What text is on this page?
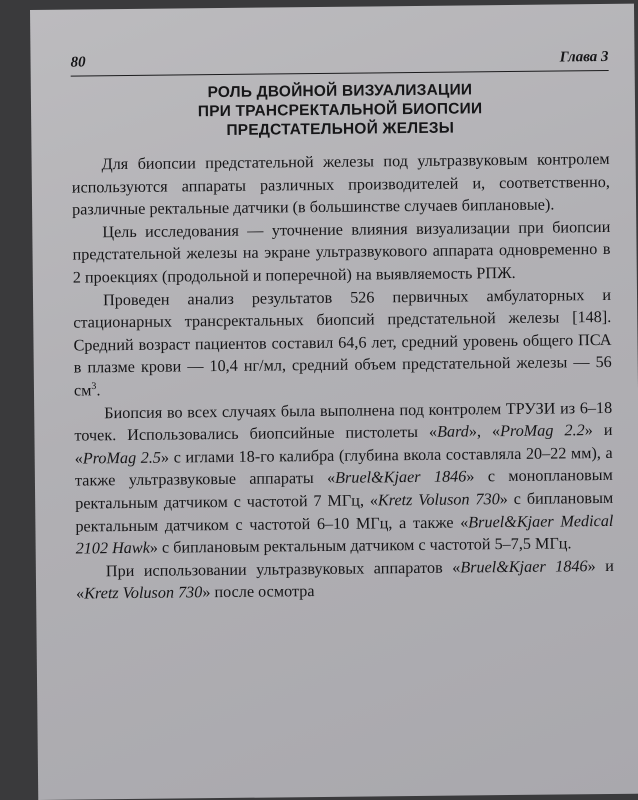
80	Глава 3
РОЛЬ ДВОЙНОЙ ВИЗУАЛИЗАЦИИ
ПРИ ТРАНСРЕКТАЛЬНОЙ БИОПСИИ
ПРЕДСТАТЕЛЬНОЙ ЖЕЛЕЗЫ

Для биопсии предстательной железы под ультразвуковым контролем используются аппараты различных производителей и, соответственно, различные ректальные датчики (в большинстве случаев бипланoвые).

Цель исследования — уточнение влияния визуализации при биопсии предстательной железы на экране ультразвукового аппарата одновременно в 2 проекциях (продольной и поперечной) на выявляемость РПЖ.

Проведен анализ результатов 526 первичных амбулаторных и стационарных трансректальных биопсий предстательной железы [148]. Средний возраст пациентов составил 64,6 лет, средний уровень общего ПСА в плазме крови — 10,4 нг/мл, средний объем предстательной железы — 56 $см^3$.

Биопсия во всех случаях была выполнена под контролем ТРУЗИ из 6–18 точек. Использовались биопсийные пистолеты «Bard», «ProMag 2.2» и «ProMag 2.5» с иглами 18-го калибра (глубина вкола составляла 20–22 мм), а также ультразвуковые аппараты «Bruel&Kjaer 1846» с монoплановым ректальным датчиком с частотой 7 МГц, «Kretz Voluson 730» с бипланoвым ректальным датчиком с частотой 6–10 МГц, а также «Bruel&Kjaer Medical 2102 Hawk» с бипланoвым ректальным датчиком с частотой 5–7,5 МГц.

При использовании ультразвуковых аппаратов «Bruel&Kjaer 1846» и «Kretz Voluson 730» после осмотра
